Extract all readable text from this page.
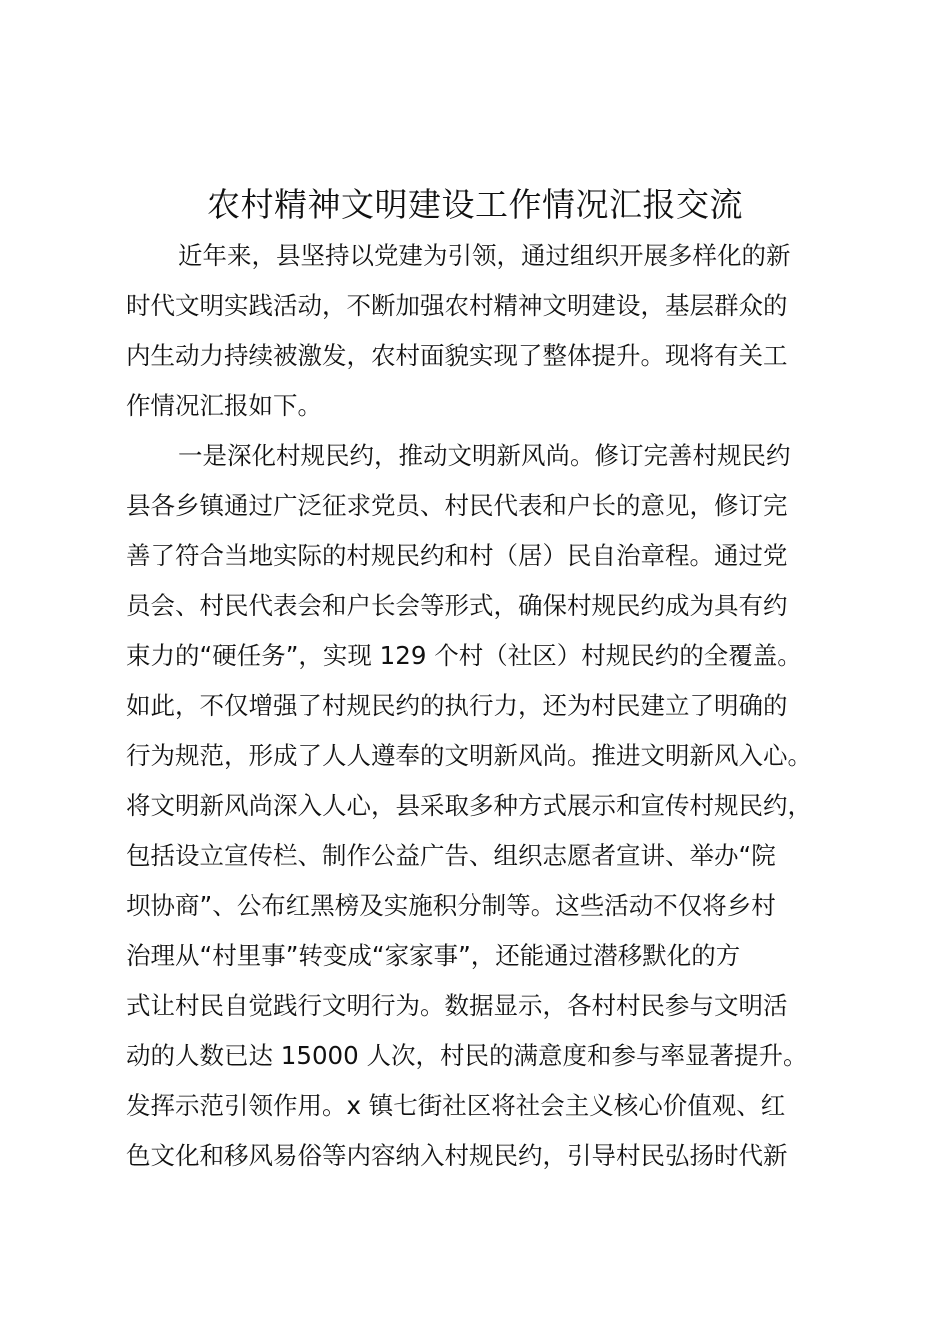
农村精神文明建设工作情况汇报交流
近年来，县坚持以党建为引领，通过组织开展多样化的新
时代文明实践活动，不断加强农村精神文明建设，基层群众的
内生动力持续被激发，农村面貌实现了整体提升。现将有关工
作情况汇报如下。
一是深化村规民约，推动文明新风尚。修订完善村规民约
县各乡镇通过广泛征求党员、村民代表和户长的意见，修订完
善了符合当地实际的村规民约和村（居）民自治章程。通过党
员会、村民代表会和户长会等形式，确保村规民约成为具有约
束力的“硬任务”，实现 129 个村（社区）村规民约的全覆盖。
如此，不仅增强了村规民约的执行力，还为村民建立了明确的
行为规范，形成了人人遵奉的文明新风尚。推进文明新风入心。
将文明新风尚深入人心，县采取多种方式展示和宣传村规民约，
包括设立宣传栏、制作公益广告、组织志愿者宣讲、举办“院
坝协商”、公布红黑榜及实施积分制等。这些活动不仅将乡村
治理从“村里事”转变成“家家事”，还能通过潜移默化的方
式让村民自觉践行文明行为。数据显示，各村村民参与文明活
动的人数已达 15000 人次，村民的满意度和参与率显著提升。
发挥示范引领作用。x 镇七街社区将社会主义核心价值观、红
色文化和移风易俗等内容纳入村规民约，引导村民弘扬时代新
